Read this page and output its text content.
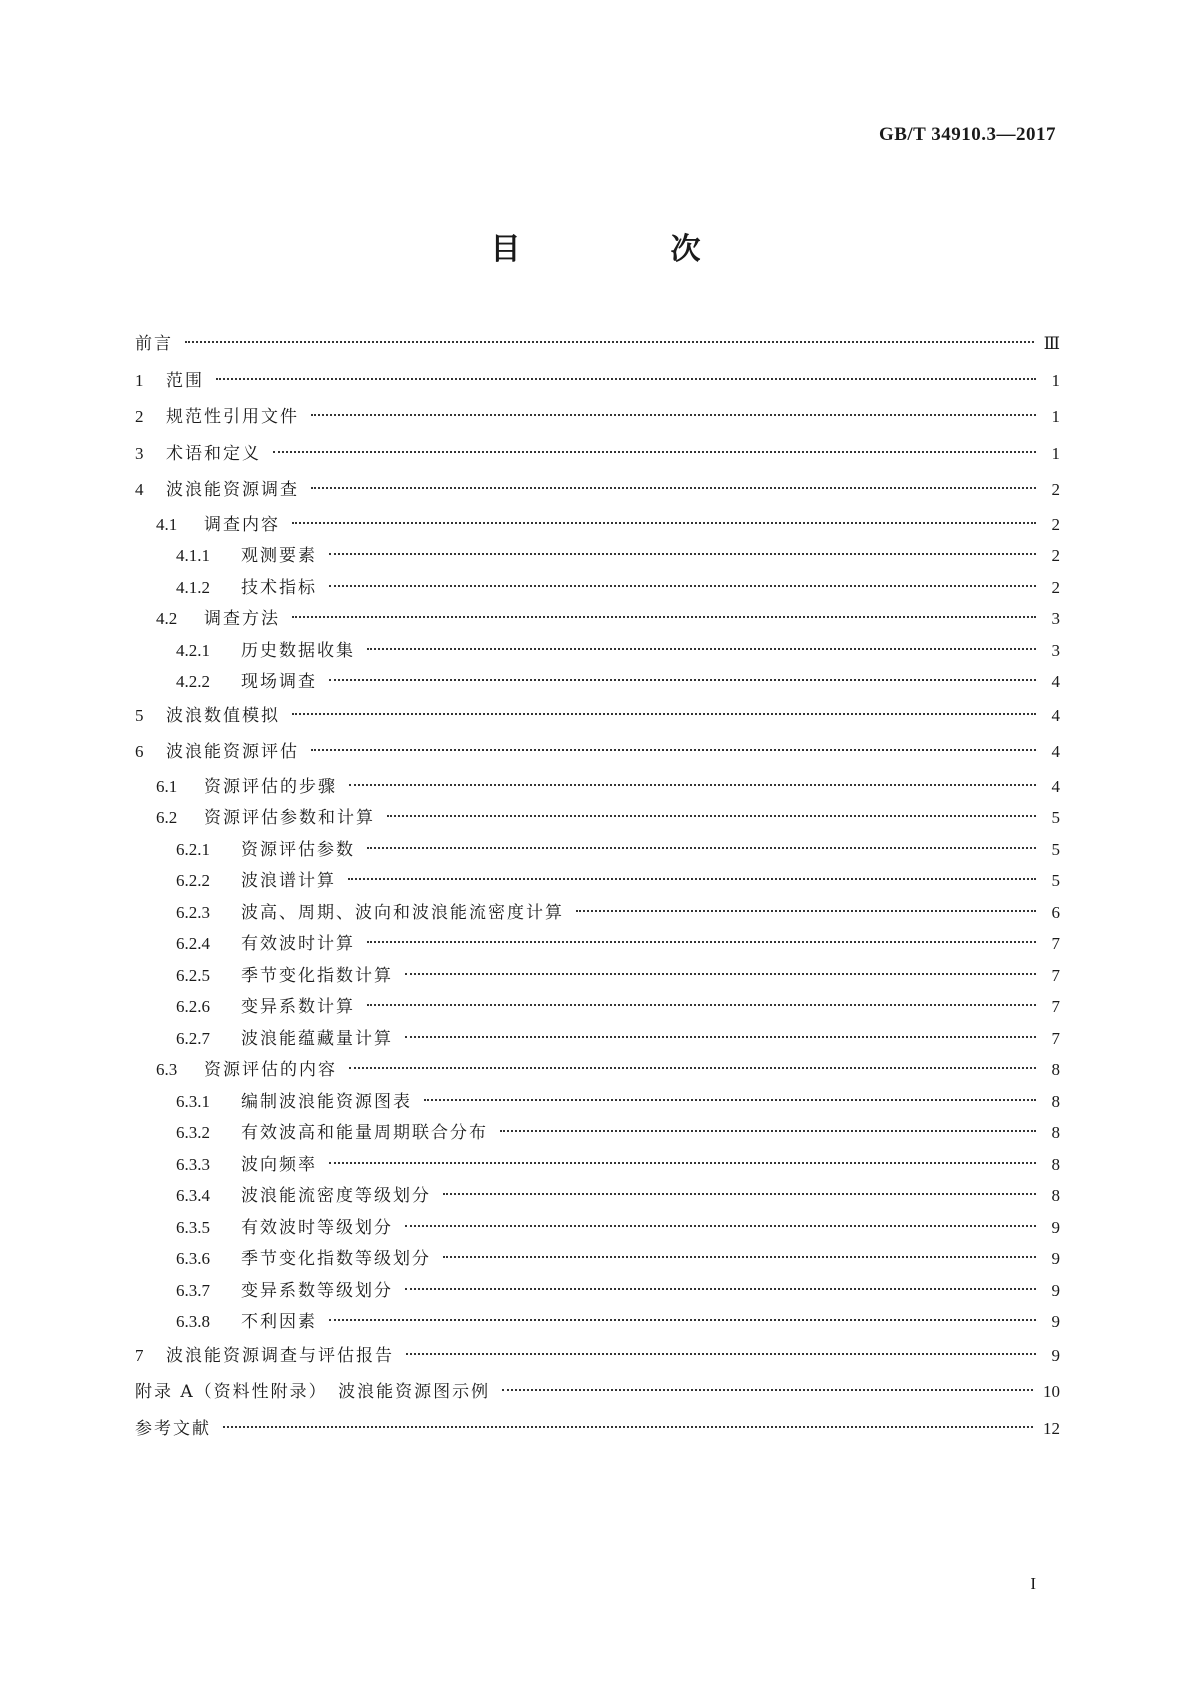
GB/T 34910.3—2017
目　次
前言	Ⅲ
1	范围	1
2	规范性引用文件	1
3	术语和定义	1
4	波浪能资源调查	2
4.1	调查内容	2
4.1.1	观测要素	2
4.1.2	技术指标	2
4.2	调查方法	3
4.2.1	历史数据收集	3
4.2.2	现场调查	4
5	波浪数值模拟	4
6	波浪能资源评估	4
6.1	资源评估的步骤	4
6.2	资源评估参数和计算	5
6.2.1	资源评估参数	5
6.2.2	波浪谱计算	5
6.2.3	波高、周期、波向和波浪能流密度计算	6
6.2.4	有效波时计算	7
6.2.5	季节变化指数计算	7
6.2.6	变异系数计算	7
6.2.7	波浪能蕴藏量计算	7
6.3	资源评估的内容	8
6.3.1	编制波浪能资源图表	8
6.3.2	有效波高和能量周期联合分布	8
6.3.3	波向频率	8
6.3.4	波浪能流密度等级划分	8
6.3.5	有效波时等级划分	9
6.3.6	季节变化指数等级划分	9
6.3.7	变异系数等级划分	9
6.3.8	不利因素	9
7	波浪能资源调查与评估报告	9
附录 A（资料性附录）　波浪能资源图示例	10
参考文献	12
I
